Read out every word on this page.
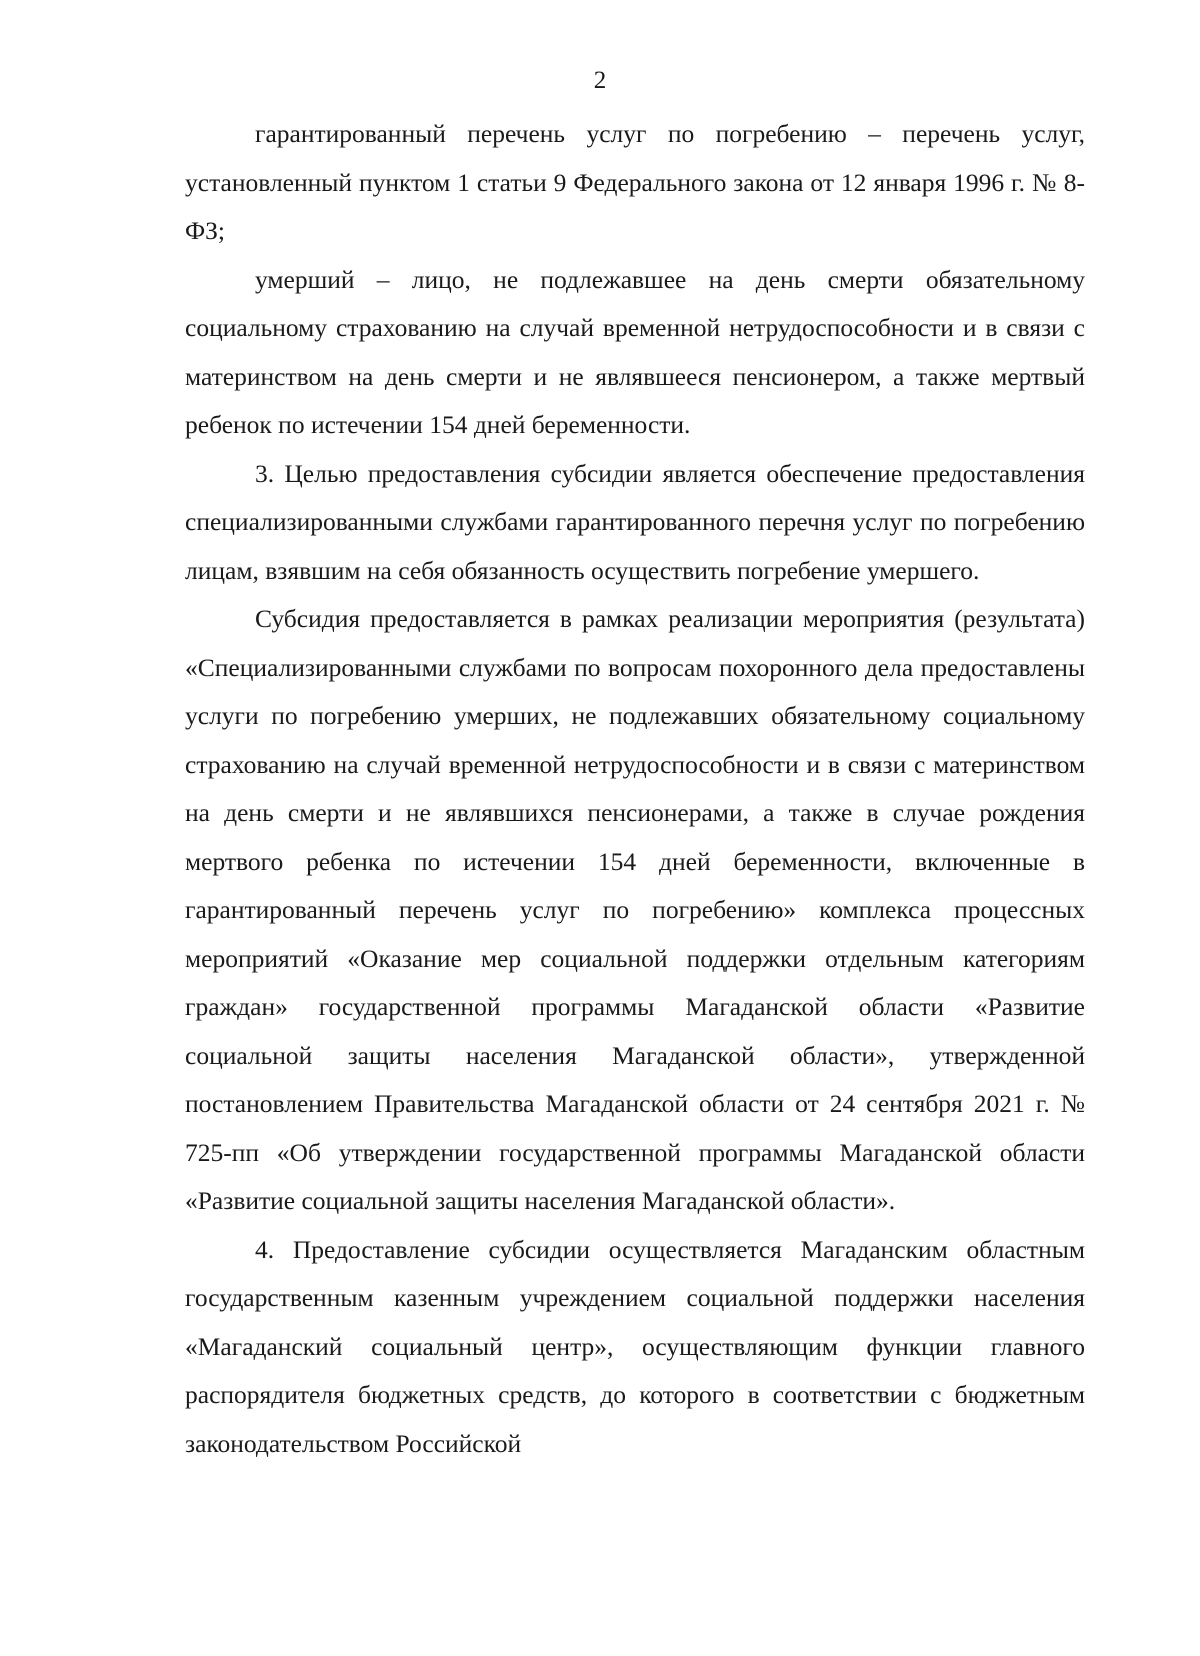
2

гарантированный перечень услуг по погребению – перечень услуг, установленный пунктом 1 статьи 9 Федерального закона от 12 января 1996 г. № 8-ФЗ;

умерший – лицо, не подлежавшее на день смерти обязательному социальному страхованию на случай временной нетрудоспособности и в связи с материнством на день смерти и не являвшееся пенсионером, а также мертвый ребенок по истечении 154 дней беременности.

3. Целью предоставления субсидии является обеспечение предоставления специализированными службами гарантированного перечня услуг по погребению лицам, взявшим на себя обязанность осуществить погребение умершего.

Субсидия предоставляется в рамках реализации мероприятия (результата) «Специализированными службами по вопросам похоронного дела предоставлены услуги по погребению умерших, не подлежавших обязательному социальному страхованию на случай временной нетрудоспособности и в связи с материнством на день смерти и не являвшихся пенсионерами, а также в случае рождения мертвого ребенка по истечении 154 дней беременности, включенные в гарантированный перечень услуг по погребению» комплекса процессных мероприятий «Оказание мер социальной поддержки отдельным категориям граждан» государственной программы Магаданской области «Развитие социальной защиты населения Магаданской области», утвержденной постановлением Правительства Магаданской области от 24 сентября 2021 г. № 725-пп «Об утверждении государственной программы Магаданской области «Развитие социальной защиты населения Магаданской области».

4. Предоставление субсидии осуществляется Магаданским областным государственным казенным учреждением социальной поддержки населения «Магаданский социальный центр», осуществляющим функции главного распорядителя бюджетных средств, до которого в соответствии с бюджетным законодательством Российской
